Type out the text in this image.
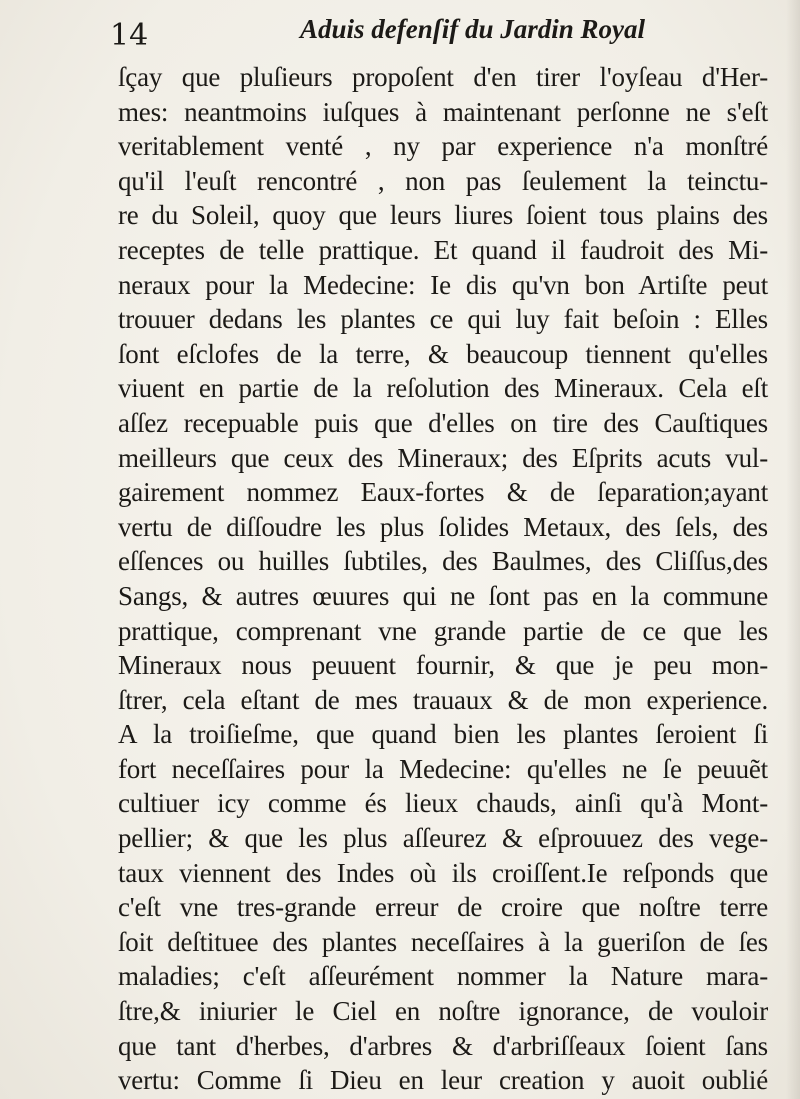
14	Aduis defenſif du Jardin Royal
ſçay que pluſieurs propoſent d'en tirer l'oyſeau d'Her-
mes: neantmoins iuſques à maintenant perſonne ne s'eſt
veritablement venté , ny par experience n'a monſtré
qu'il l'euſt rencontré , non pas ſeulement la teinctu-
re du Soleil, quoy que leurs liures ſoient tous plains des
receptes de telle prattique. Et quand il faudroit des Mi-
neraux pour la Medecine: Ie dis qu'vn bon Artiſte peut
trouuer dedans les plantes ce qui luy fait beſoin : Elles
ſont eſclofes de la terre, & beaucoup tiennent qu'elles
viuent en partie de la reſolution des Mineraux. Cela eſt
aſſez recepuable puis que d'elles on tire des Cauſtiques
meilleurs que ceux des Mineraux; des Eſprits acuts vul-
gairement nommez Eaux-fortes & de ſeparation;ayant
vertu de diſſoudre les plus ſolides Metaux, des ſels, des
eſſences ou huilles ſubtiles, des Baulmes, des Cliſſus,des
Sangs, & autres œuures qui ne ſont pas en la commune
prattique, comprenant vne grande partie de ce que les
Mineraux nous peuuent fournir, & que je peu mon-
ſtrer, cela eſtant de mes trauaux & de mon experience.
A la troiſieſme, que quand bien les plantes ſeroient ſi
fort neceſſaires pour la Medecine: qu'elles ne ſe peuuẽt
cultiuer icy comme és lieux chauds, ainſi qu'à Mont-
pellier; & que les plus aſſeurez & eſprouuez des vege-
taux viennent des Indes où ils croiſſent.Ie reſponds que
c'eſt vne tres-grande erreur de croire que noſtre terre
ſoit deſtituee des plantes neceſſaires à la gueriſon de ſes
maladies; c'eſt aſſeurément nommer la Nature mara-
ſtre,& iniurier le Ciel en noſtre ignorance, de vouloir
que tant d'herbes, d'arbres & d'arbriſſeaux ſoient ſans
vertu: Comme ſi Dieu en leur creation y auoit oublié
